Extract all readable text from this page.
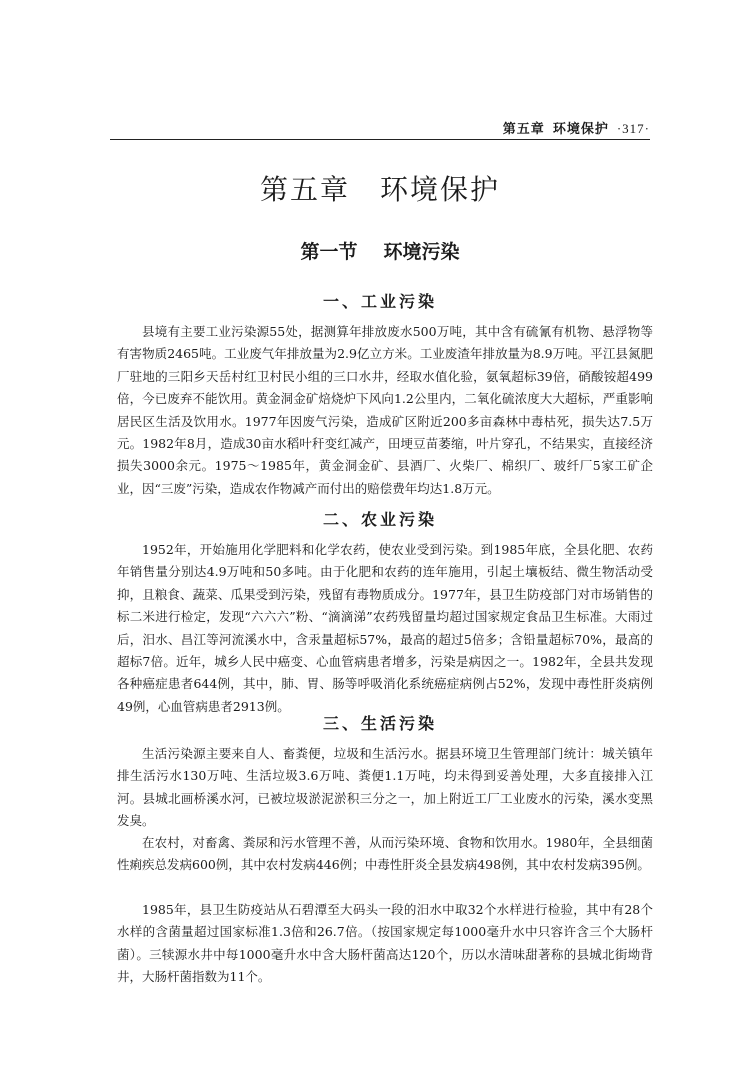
第五章 环境保护 ·317·
第五章 环境保护
第一节 环境污染
一、工业污染

县境有主要工业污染源55处，据测算年排放废水500万吨，其中含有硫氰有机物、悬浮物等有害物质2465吨。工业废气年排放量为2.9亿立方米。工业废渣年排放量为8.9万吨。平江县氮肥厂驻地的三阳乡天岳村红卫村民小组的三口水井，经取水值化验，氨氧超标39倍，硝酸铵超499倍，今已废弃不能饮用。黄金洞金矿焙烧炉下风向1.2公里内，二氧化硫浓度大大超标，严重影响居民区生活及饮用水。1977年因废气污染，造成矿区附近200多亩森林中毒枯死，损失达7.5万元。1982年8月，造成30亩水稻叶秆变红减产，田埂豆苗萎缩，叶片穿孔，不结果实，直接经济损失3000余元。1975～1985年，黄金洞金矿、县酒厂、火柴厂、棉织厂、玻纤厂5家工矿企业，因“三废”污染，造成农作物减产而付出的赔偿费年均达1.8万元。

二、农业污染

1952年，开始施用化学肥料和化学农药，使农业受到污染。到1985年底，全县化肥、农药年销售量分别达4.9万吨和50多吨。由于化肥和农药的连年施用，引起土壤板结、微生物活动受抑，且粮食、蔬菜、瓜果受到污染，残留有毒物质成分。1977年，县卫生防疫部门对市场销售的标二米进行检定，发现“六六六”粉、“滴滴涕”农药残留量均超过国家规定食品卫生标准。大雨过后，汨水、昌江等河流溪水中，含汞量超标57%，最高的超过5倍多；含铅量超标70%，最高的超标7倍。近年，城乡人民中癌变、心血管病患者增多，污染是病因之一。1982年，全县共发现各种癌症患者644例，其中，肺、胃、肠等呼吸消化系统癌症病例占52%，发现中毒性肝炎病例49例，心血管病患者2913例。

三、生活污染

生活污染源主要来自人、畜粪便，垃圾和生活污水。据县环境卫生管理部门统计：城关镇年排生活污水130万吨、生活垃圾3.6万吨、粪便1.1万吨，均未得到妥善处理，大多直接排入江河。县城北画桥溪水河，已被垃圾淤泥淤积三分之一，加上附近工厂工业废水的污染，溪水变黑发臭。

在农村，对畜禽、粪尿和污水管理不善，从而污染环境、食物和饮用水。1980年，全县细菌性痢疾总发病600例，其中农村发病446例；中毒性肝炎全县发病498例，其中农村发病395例。

1985年，县卫生防疫站从石碧潭至大码头一段的汨水中取32个水样进行检验，其中有28个水样的含菌量超过国家标准1.3倍和26.7倍。（按国家规定每1000毫升水中只容许含三个大肠杆菌）。三犊源水井中每1000毫升水中含大肠杆菌高达120个，历以水清味甜著称的县城北街坳背井，大肠杆菌指数为11个。
